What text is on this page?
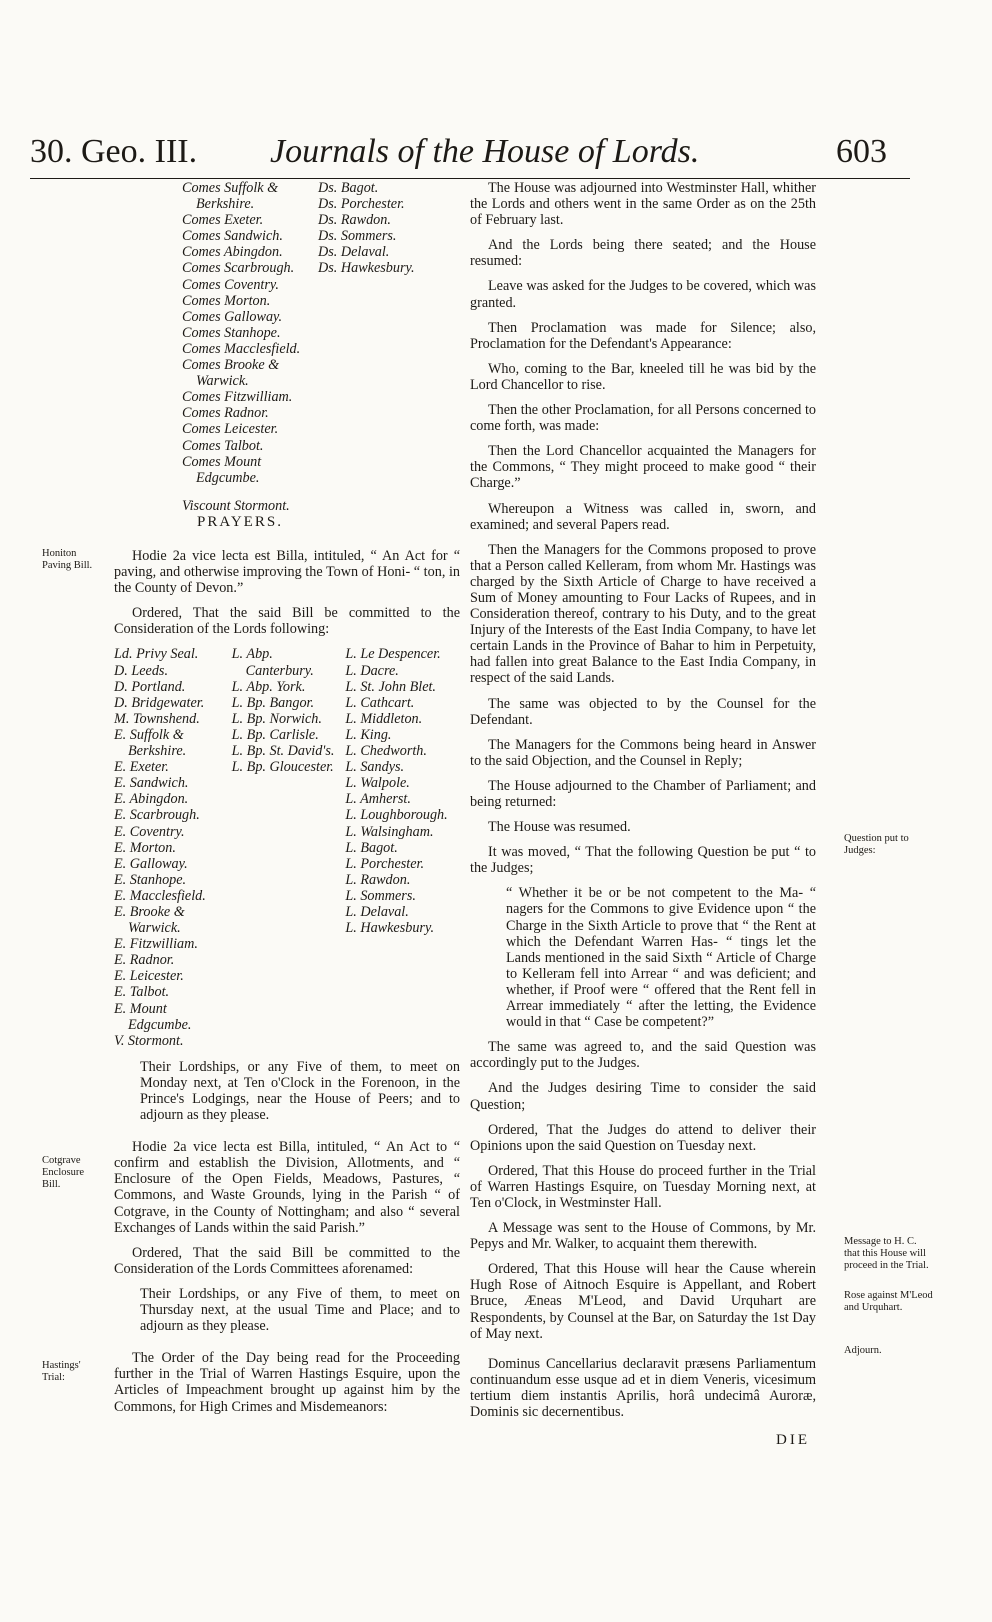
30. Geo. III. Journals of the House of Lords.	603
Comes Suffolk & Berkshire.
Comes Exeter.
Comes Sandwich.
Comes Abingdon.
Comes Scarbrough.
Comes Coventry.
Comes Morton.
Comes Galloway.
Comes Stanhope.
Comes Macclesfield.
Comes Brooke & Warwick.
Comes Fitzwilliam.
Comes Radnor.
Comes Leicester.
Comes Talbot.
Comes Mount Edgcumbe.
Viscount Stormont.
Ds. Bagot.
Ds. Porchester.
Ds. Rawdon.
Ds. Sommers.
Ds. Delaval.
Ds. Hawkesbury.
PRAYERS.
Honiton Paving Bill.
Cotgrave Enclosure Bill.
Hastings' Trial:
Question put to Judges:
Message to H. C. that this House will proceed in the Trial.
Rose against M'Leod and Urquhart.
Adjourn.

Hodie 2a vice lecta est Billa, intituled, “ An Act for “ paving, and otherwise improving the Town of Honi- “ ton, in the County of Devon.”

Ordered, That the said Bill be committed to the Consideration of the Lords following:

Ld. Privy Seal.
D. Leeds.
D. Portland.
D. Bridgewater.
M. Townshend.
E. Suffolk & Berkshire.
E. Exeter.
E. Sandwich.
E. Abingdon.
E. Scarbrough.
E. Coventry.
E. Morton.
E. Galloway.
E. Stanhope.
E. Macclesfield.
E. Brooke & Warwick.
E. Fitzwilliam.
E. Radnor.
E. Leicester.
E. Talbot.
E. Mount Edgcumbe.
V. Stormont.
L. Abp. Canterbury.
L. Abp. York.
L. Bp. Bangor.
L. Bp. Norwich.
L. Bp. Carlisle.
L. Bp. St. David's.
L. Bp. Gloucester.
L. Le Despencer.
L. Dacre.
L. St. John Blet.
L. Cathcart.
L. Middleton.
L. King.
L. Chedworth.
L. Sandys.
L. Walpole.
L. Amherst.
L. Loughborough.
L. Walsingham.
L. Bagot.
L. Porchester.
L. Rawdon.
L. Sommers.
L. Delaval.
L. Hawkesbury.

Their Lordships, or any Five of them, to meet on Monday next, at Ten o'Clock in the Forenoon, in the Prince's Lodgings, near the House of Peers; and to adjourn as they please.

Hodie 2a vice lecta est Billa, intituled, “ An Act to “ confirm and establish the Division, Allotments, and “ Enclosure of the Open Fields, Meadows, Pastures, “ Commons, and Waste Grounds, lying in the Parish “ of Cotgrave, in the County of Nottingham; and also “ several Exchanges of Lands within the said Parish.”

Ordered, That the said Bill be committed to the Consideration of the Lords Committees aforenamed:

Their Lordships, or any Five of them, to meet on Thursday next, at the usual Time and Place; and to adjourn as they please.

The Order of the Day being read for the Proceeding further in the Trial of Warren Hastings Esquire, upon the Articles of Impeachment brought up against him by the Commons, for High Crimes and Misdemeanors:

The House was adjourned into Westminster Hall, whither the Lords and others went in the same Order as on the 25th of February last.

And the Lords being there seated; and the House resumed:

Leave was asked for the Judges to be covered, which was granted.

Then Proclamation was made for Silence; also, Proclamation for the Defendant's Appearance:

Who, coming to the Bar, kneeled till he was bid by the Lord Chancellor to rise.

Then the other Proclamation, for all Persons concerned to come forth, was made:

Then the Lord Chancellor acquainted the Managers for the Commons, “ They might proceed to make good “ their Charge.”

Whereupon a Witness was called in, sworn, and examined; and several Papers read.

Then the Managers for the Commons proposed to prove that a Person called Kelleram, from whom Mr. Hastings was charged by the Sixth Article of Charge to have received a Sum of Money amounting to Four Lacks of Rupees, and in Consideration thereof, contrary to his Duty, and to the great Injury of the Interests of the East India Company, to have let certain Lands in the Province of Bahar to him in Perpetuity, had fallen into great Balance to the East India Company, in respect of the said Lands.

The same was objected to by the Counsel for the Defendant.

The Managers for the Commons being heard in Answer to the said Objection, and the Counsel in Reply;

The House adjourned to the Chamber of Parliament; and being returned:

The House was resumed.

It was moved, “ That the following Question be put “ to the Judges;

“ Whether it be or be not competent to the Ma- “ nagers for the Commons to give Evidence upon “ the Charge in the Sixth Article to prove that “ the Rent at which the Defendant Warren Has- “ tings let the Lands mentioned in the said Sixth “ Article of Charge to Kelleram fell into Arrear “ and was deficient; and whether, if Proof were “ offered that the Rent fell in Arrear immediately “ after the letting, the Evidence would in that “ Case be competent?”

The same was agreed to, and the said Question was accordingly put to the Judges.

And the Judges desiring Time to consider the said Question;

Ordered, That the Judges do attend to deliver their Opinions upon the said Question on Tuesday next.

Ordered, That this House do proceed further in the Trial of Warren Hastings Esquire, on Tuesday Morning next, at Ten o'Clock, in Westminster Hall.

A Message was sent to the House of Commons, by Mr. Pepys and Mr. Walker, to acquaint them therewith.

Ordered, That this House will hear the Cause wherein Hugh Rose of Aitnoch Esquire is Appellant, and Robert Bruce, Æneas M'Leod, and David Urquhart are Respondents, by Counsel at the Bar, on Saturday the 1st Day of May next.

Dominus Cancellarius declaravit præsens Parliamentum continuandum esse usque ad et in diem Veneris, vicesimum tertium diem instantis Aprilis, horâ undecimâ Auroræ, Dominis sic decernentibus.

DIE
